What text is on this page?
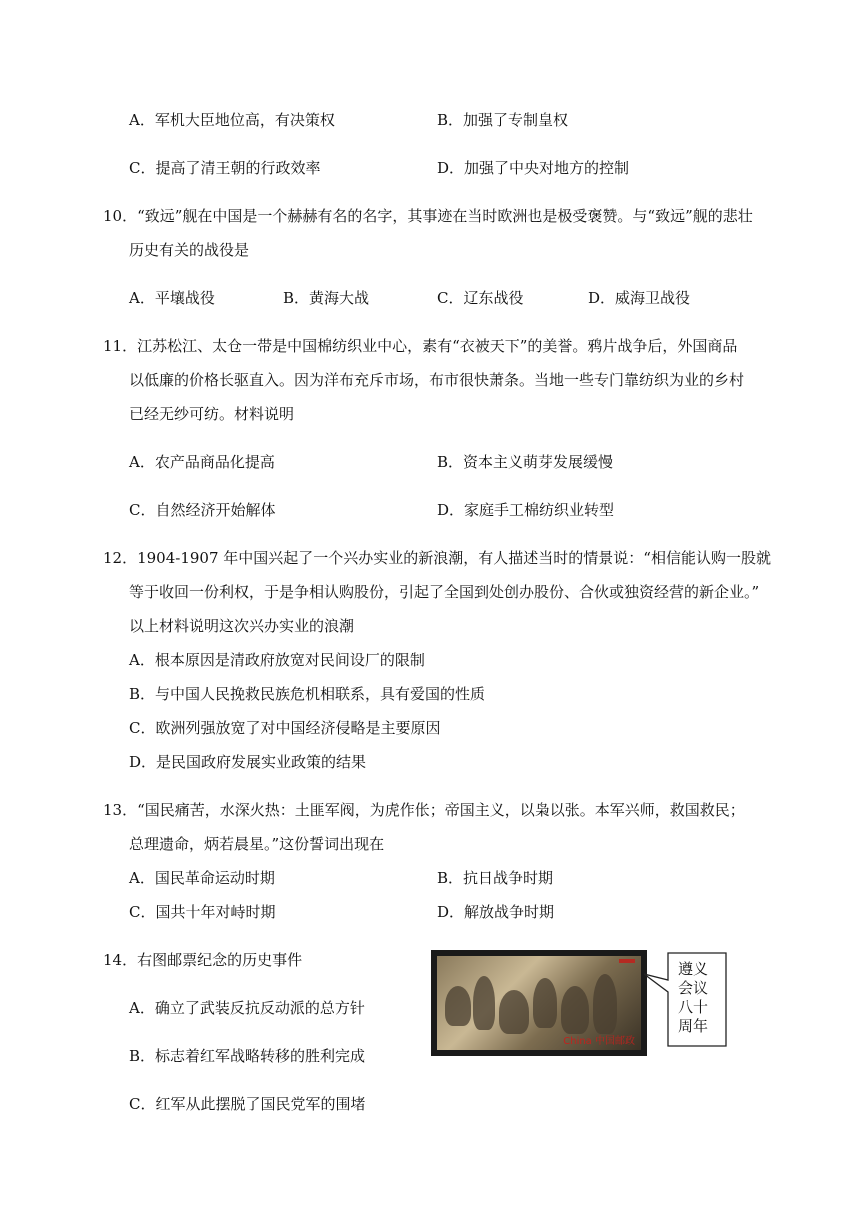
A．军机大臣地位高，有决策权	B．加强了专制皇权
C．提高了清王朝的行政效率	D．加强了中央对地方的控制
10．“致远”舰在中国是一个赫赫有名的名字，其事迹在当时欧洲也是极受褒赞。与“致远”舰的悲壮
历史有关的战役是
A．平壤战役	B．黄海大战	C．辽东战役	D．威海卫战役
11．江苏松江、太仓一带是中国棉纺织业中心，素有“衣被天下”的美誉。鸦片战争后，外国商品
以低廉的价格长驱直入。因为洋布充斥市场，布市很快萧条。当地一些专门靠纺织为业的乡村
已经无纱可纺。材料说明
A．农产品商品化提高	B．资本主义萌芽发展缓慢
C．自然经济开始解体	D．家庭手工棉纺织业转型
12．1904-1907 年中国兴起了一个兴办实业的新浪潮，有人描述当时的情景说：“相信能认购一股就
等于收回一份利权，于是争相认购股份，引起了全国到处创办股份、合伙或独资经营的新企业。”
以上材料说明这次兴办实业的浪潮
A．根本原因是清政府放宽对民间设厂的限制
B．与中国人民挽救民族危机相联系，具有爱国的性质
C．欧洲列强放宽了对中国经济侵略是主要原因
D．是民国政府发展实业政策的结果
13．“国民痛苦，水深火热：土匪军阀，为虎作伥；帝国主义，以枭以张。本军兴师，救国救民；
总理遗命，炳若晨星。”这份誓词出现在
A．国民革命运动时期	B．抗日战争时期
C．国共十年对峙时期	D．解放战争时期
14．右图邮票纪念的历史事件
A．确立了武装反抗反动派的总方针
B．标志着红军战略转移的胜利完成
C．红军从此摆脱了国民党军的围堵
China 中国邮政
遵义会议八十周年
